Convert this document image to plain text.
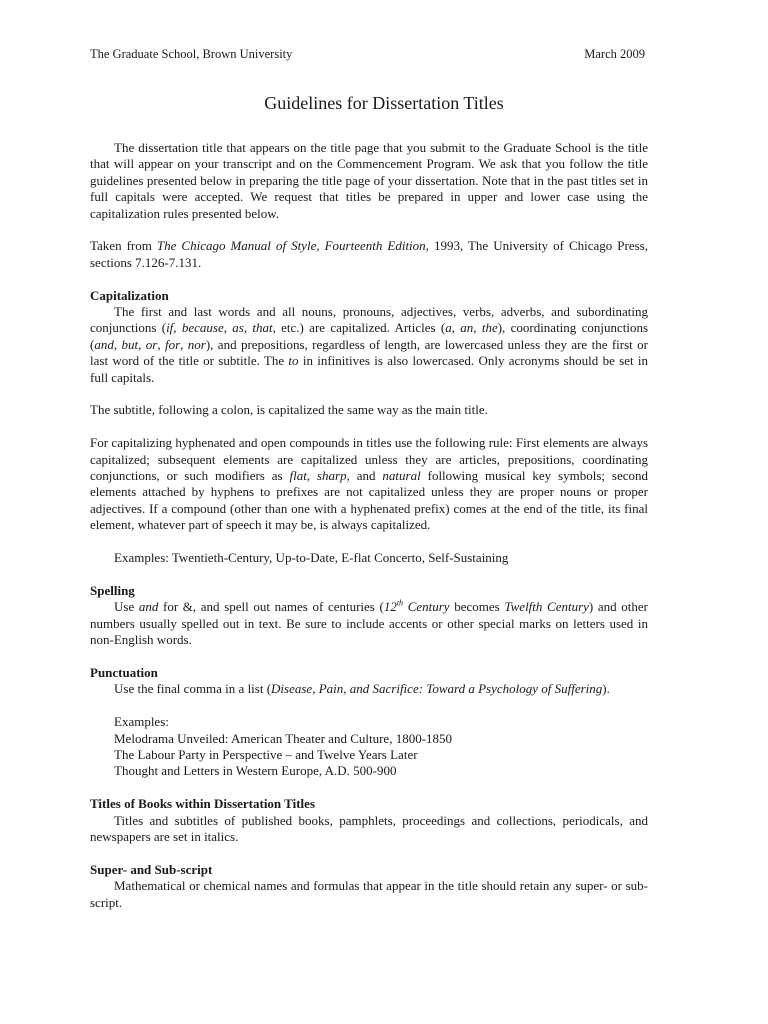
The Graduate School, Brown University	March 2009
Guidelines for Dissertation Titles

The dissertation title that appears on the title page that you submit to the Graduate School is the title that will appear on your transcript and on the Commencement Program. We ask that you follow the title guidelines presented below in preparing the title page of your dissertation. Note that in the past titles set in full capitals were accepted. We request that titles be prepared in upper and lower case using the capitalization rules presented below.

Taken from The Chicago Manual of Style, Fourteenth Edition, 1993, The University of Chicago Press, sections 7.126-7.131.

Capitalization

The first and last words and all nouns, pronouns, adjectives, verbs, adverbs, and subordinating conjunctions (if, because, as, that, etc.) are capitalized. Articles (a, an, the), coordinating conjunctions (and, but, or, for, nor), and prepositions, regardless of length, are lowercased unless they are the first or last word of the title or subtitle. The to in infinitives is also lowercased. Only acronyms should be set in full capitals.

The subtitle, following a colon, is capitalized the same way as the main title.

For capitalizing hyphenated and open compounds in titles use the following rule: First elements are always capitalized; subsequent elements are capitalized unless they are articles, prepositions, coordinating conjunctions, or such modifiers as flat, sharp, and natural following musical key symbols; second elements attached by hyphens to prefixes are not capitalized unless they are proper nouns or proper adjectives. If a compound (other than one with a hyphenated prefix) comes at the end of the title, its final element, whatever part of speech it may be, is always capitalized.

Examples: Twentieth-Century, Up-to-Date, E-flat Concerto, Self-Sustaining

Spelling

Use and for &, and spell out names of centuries (12th Century becomes Twelfth Century) and other numbers usually spelled out in text. Be sure to include accents or other special marks on letters used in non-English words.

Punctuation

Use the final comma in a list (Disease, Pain, and Sacrifice: Toward a Psychology of Suffering).

Examples:

Melodrama Unveiled: American Theater and Culture, 1800-1850

The Labour Party in Perspective – and Twelve Years Later

Thought and Letters in Western Europe, A.D. 500-900

Titles of Books within Dissertation Titles

Titles and subtitles of published books, pamphlets, proceedings and collections, periodicals, and newspapers are set in italics.

Super- and Sub-script

Mathematical or chemical names and formulas that appear in the title should retain any super- or sub-script.
